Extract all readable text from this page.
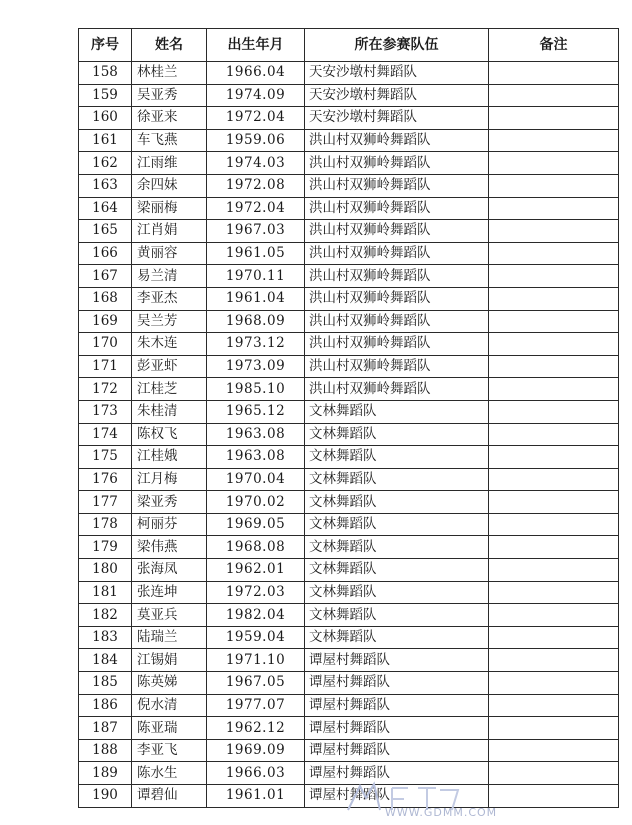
序号	姓名	出生年月	所在参赛队伍	备注
158	林桂兰	1966.04	天安沙墩村舞蹈队	
159	吴亚秀	1974.09	天安沙墩村舞蹈队	
160	徐亚来	1972.04	天安沙墩村舞蹈队	
161	车飞燕	1959.06	洪山村双狮岭舞蹈队	
162	江雨维	1974.03	洪山村双狮岭舞蹈队	
163	余四妹	1972.08	洪山村双狮岭舞蹈队	
164	梁丽梅	1972.04	洪山村双狮岭舞蹈队	
165	江肖娟	1967.03	洪山村双狮岭舞蹈队	
166	黄丽容	1961.05	洪山村双狮岭舞蹈队	
167	易兰清	1970.11	洪山村双狮岭舞蹈队	
168	李亚杰	1961.04	洪山村双狮岭舞蹈队	
169	吴兰芳	1968.09	洪山村双狮岭舞蹈队	
170	朱木连	1973.12	洪山村双狮岭舞蹈队	
171	彭亚虾	1973.09	洪山村双狮岭舞蹈队	
172	江桂芝	1985.10	洪山村双狮岭舞蹈队	
173	朱桂清	1965.12	文林舞蹈队	
174	陈权飞	1963.08	文林舞蹈队	
175	江桂娥	1963.08	文林舞蹈队	
176	江月梅	1970.04	文林舞蹈队	
177	梁亚秀	1970.02	文林舞蹈队	
178	柯丽芬	1969.05	文林舞蹈队	
179	梁伟燕	1968.08	文林舞蹈队	
180	张海凤	1962.01	文林舞蹈队	
181	张连坤	1972.03	文林舞蹈队	
182	莫亚兵	1982.04	文林舞蹈队	
183	陆瑞兰	1959.04	文林舞蹈队	
184	江锡娟	1971.10	谭屋村舞蹈队	
185	陈英娣	1967.05	谭屋村舞蹈队	
186	倪水清	1977.07	谭屋村舞蹈队	
187	陈亚瑞	1962.12	谭屋村舞蹈队	
188	李亚飞	1969.09	谭屋村舞蹈队	
189	陈水生	1966.03	谭屋村舞蹈队	
190	谭碧仙	1961.01	谭屋村舞蹈队	
WWW.GDMM.COM
